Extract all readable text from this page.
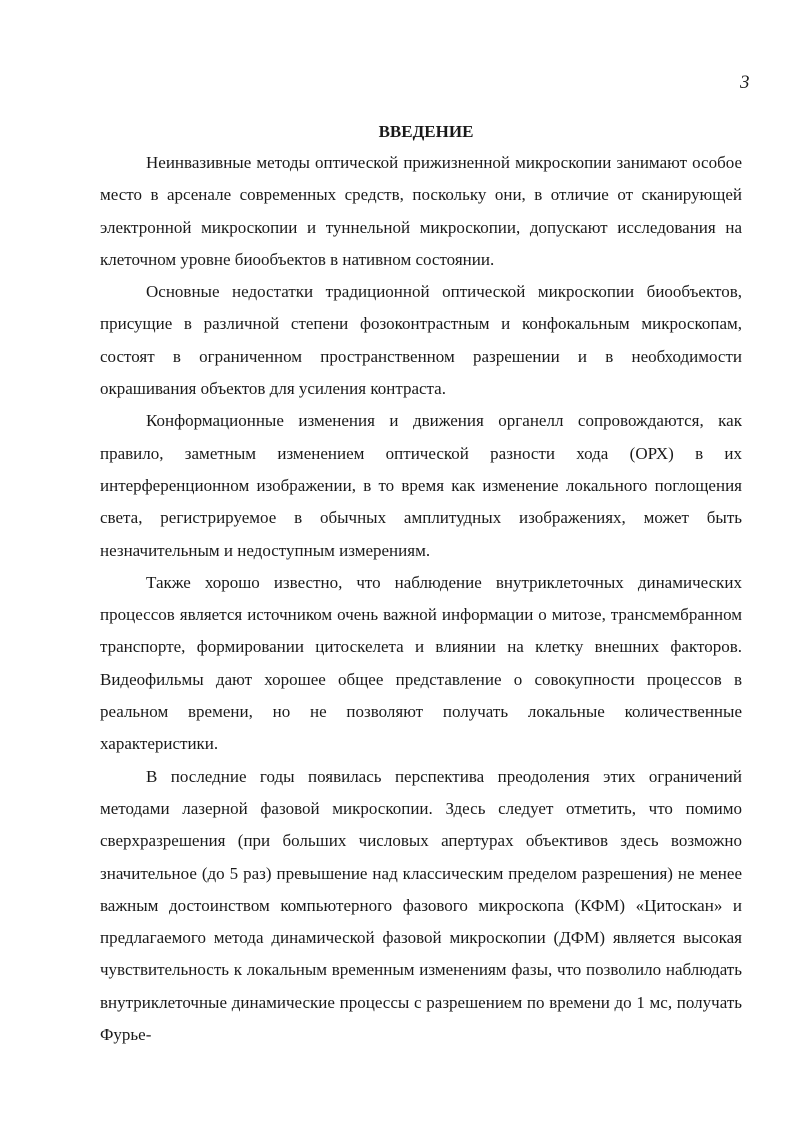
3
ВВЕДЕНИЕ

Неинвазивные методы оптической прижизненной микроскопии занимают особое место в арсенале современных средств, поскольку они, в отличие от сканирующей электронной микроскопии и туннельной микроскопии, допускают исследования на клеточном уровне биообъектов в нативном состоянии.

Основные недостатки традиционной оптической микроскопии биообъектов, присущие в различной степени фозоконтрастным и конфокальным микроскопам, состоят в ограниченном пространственном разрешении и в необходимости окрашивания объектов для усиления контраста.

Конформационные изменения и движения органелл сопровождаются, как правило, заметным изменением оптической разности хода (ОРХ) в их интерференционном изображении, в то время как изменение локального поглощения света, регистрируемое в обычных амплитудных изображениях, может быть незначительным и недоступным измерениям.

Также хорошо известно, что наблюдение внутриклеточных динамических процессов является источником очень важной информации о митозе, трансмембранном транспорте, формировании цитоскелета и влиянии на клетку внешних факторов. Видеофильмы дают хорошее общее представление о совокупности процессов в реальном времени, но не позволяют получать локальные количественные характеристики.

В последние годы появилась перспектива преодоления этих ограничений методами лазерной фазовой микроскопии. Здесь следует отметить, что помимо сверхразрешения (при больших числовых апертурах объективов здесь возможно значительное (до 5 раз) превышение над классическим пределом разрешения) не менее важным достоинством компьютерного фазового микроскопа (КФМ) «Цитоскан» и предлагаемого метода динамической фазовой микроскопии (ДФМ) является высокая чувствительность к локальным временным изменениям фазы, что позволило наблюдать внутриклеточные динамические процессы с разрешением по времени до 1 мс, получать Фурье-
